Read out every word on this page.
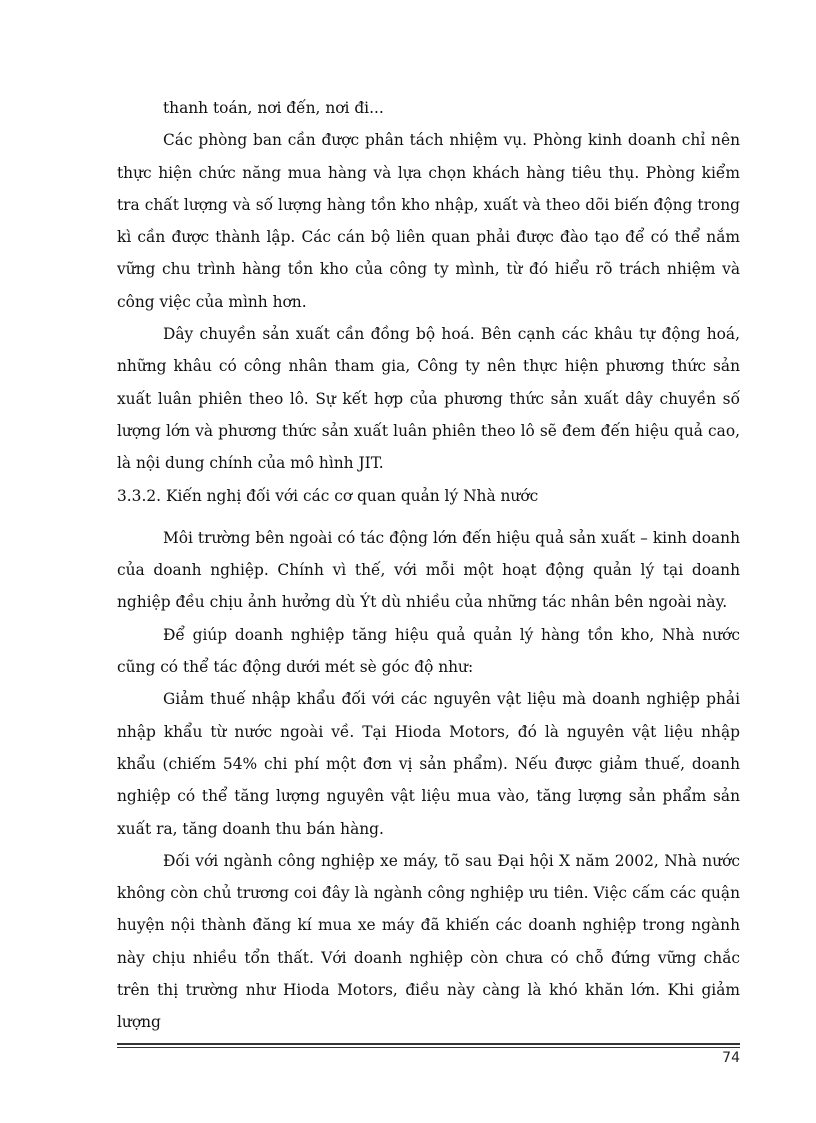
thanh toán, nơi đến, nơi đi...

Các phòng ban cần được phân tách nhiệm vụ. Phòng kinh doanh chỉ nên thực hiện chức năng mua hàng và lựa chọn khách hàng tiêu thụ. Phòng kiểm tra chất lượng và số lượng hàng tồn kho nhập, xuất và theo dõi biến động trong kì cần được thành lập. Các cán bộ liên quan phải được đào tạo để có thể nắm vững chu trình hàng tồn kho của công ty mình, từ đó hiểu rõ trách nhiệm và công việc của mình hơn.

Dây chuyền sản xuất cần đồng bộ hoá. Bên cạnh các khâu tự động hoá, những khâu có công nhân tham gia, Công ty nên thực hiện phương thức sản xuất luân phiên theo lô. Sự kết hợp của phương thức sản xuất dây chuyền số lượng lớn và phương thức sản xuất luân phiên theo lô sẽ đem đến hiệu quả cao, là nội dung chính của mô hình JIT.

3.3.2. Kiến nghị đối với các cơ quan quản lý Nhà nước

Môi trường bên ngoài có tác động lớn đến hiệu quả sản xuất – kinh doanh của doanh nghiệp. Chính vì thế, với mỗi một hoạt động quản lý tại doanh nghiệp đều chịu ảnh hưởng dù Ýt dù nhiều của những tác nhân bên ngoài này.

Để giúp doanh nghiệp tăng hiệu quả quản lý hàng tồn kho, Nhà nước cũng có thể tác động dưới mét sè góc độ như:

Giảm thuế nhập khẩu đối với các nguyên vật liệu mà doanh nghiệp phải nhập khẩu từ nước ngoài về. Tại Hioda Motors, đó là nguyên vật liệu nhập khẩu (chiếm 54% chi phí một đơn vị sản phẩm). Nếu được giảm thuế, doanh nghiệp có thể tăng lượng nguyên vật liệu mua vào, tăng lượng sản phẩm sản xuất ra, tăng doanh thu bán hàng.

Đối với ngành công nghiệp xe máy, tõ sau Đại hội X năm 2002, Nhà nước không còn chủ trương coi đây là ngành công nghiệp ưu tiên. Việc cấm các quận huyện nội thành đăng kí mua xe máy đã khiến các doanh nghiệp trong ngành này chịu nhiều tổn thất. Với doanh nghiệp còn chưa có chỗ đứng vững chắc trên thị trường như Hioda Motors, điều này càng là khó khăn lớn. Khi giảm lượng

74
